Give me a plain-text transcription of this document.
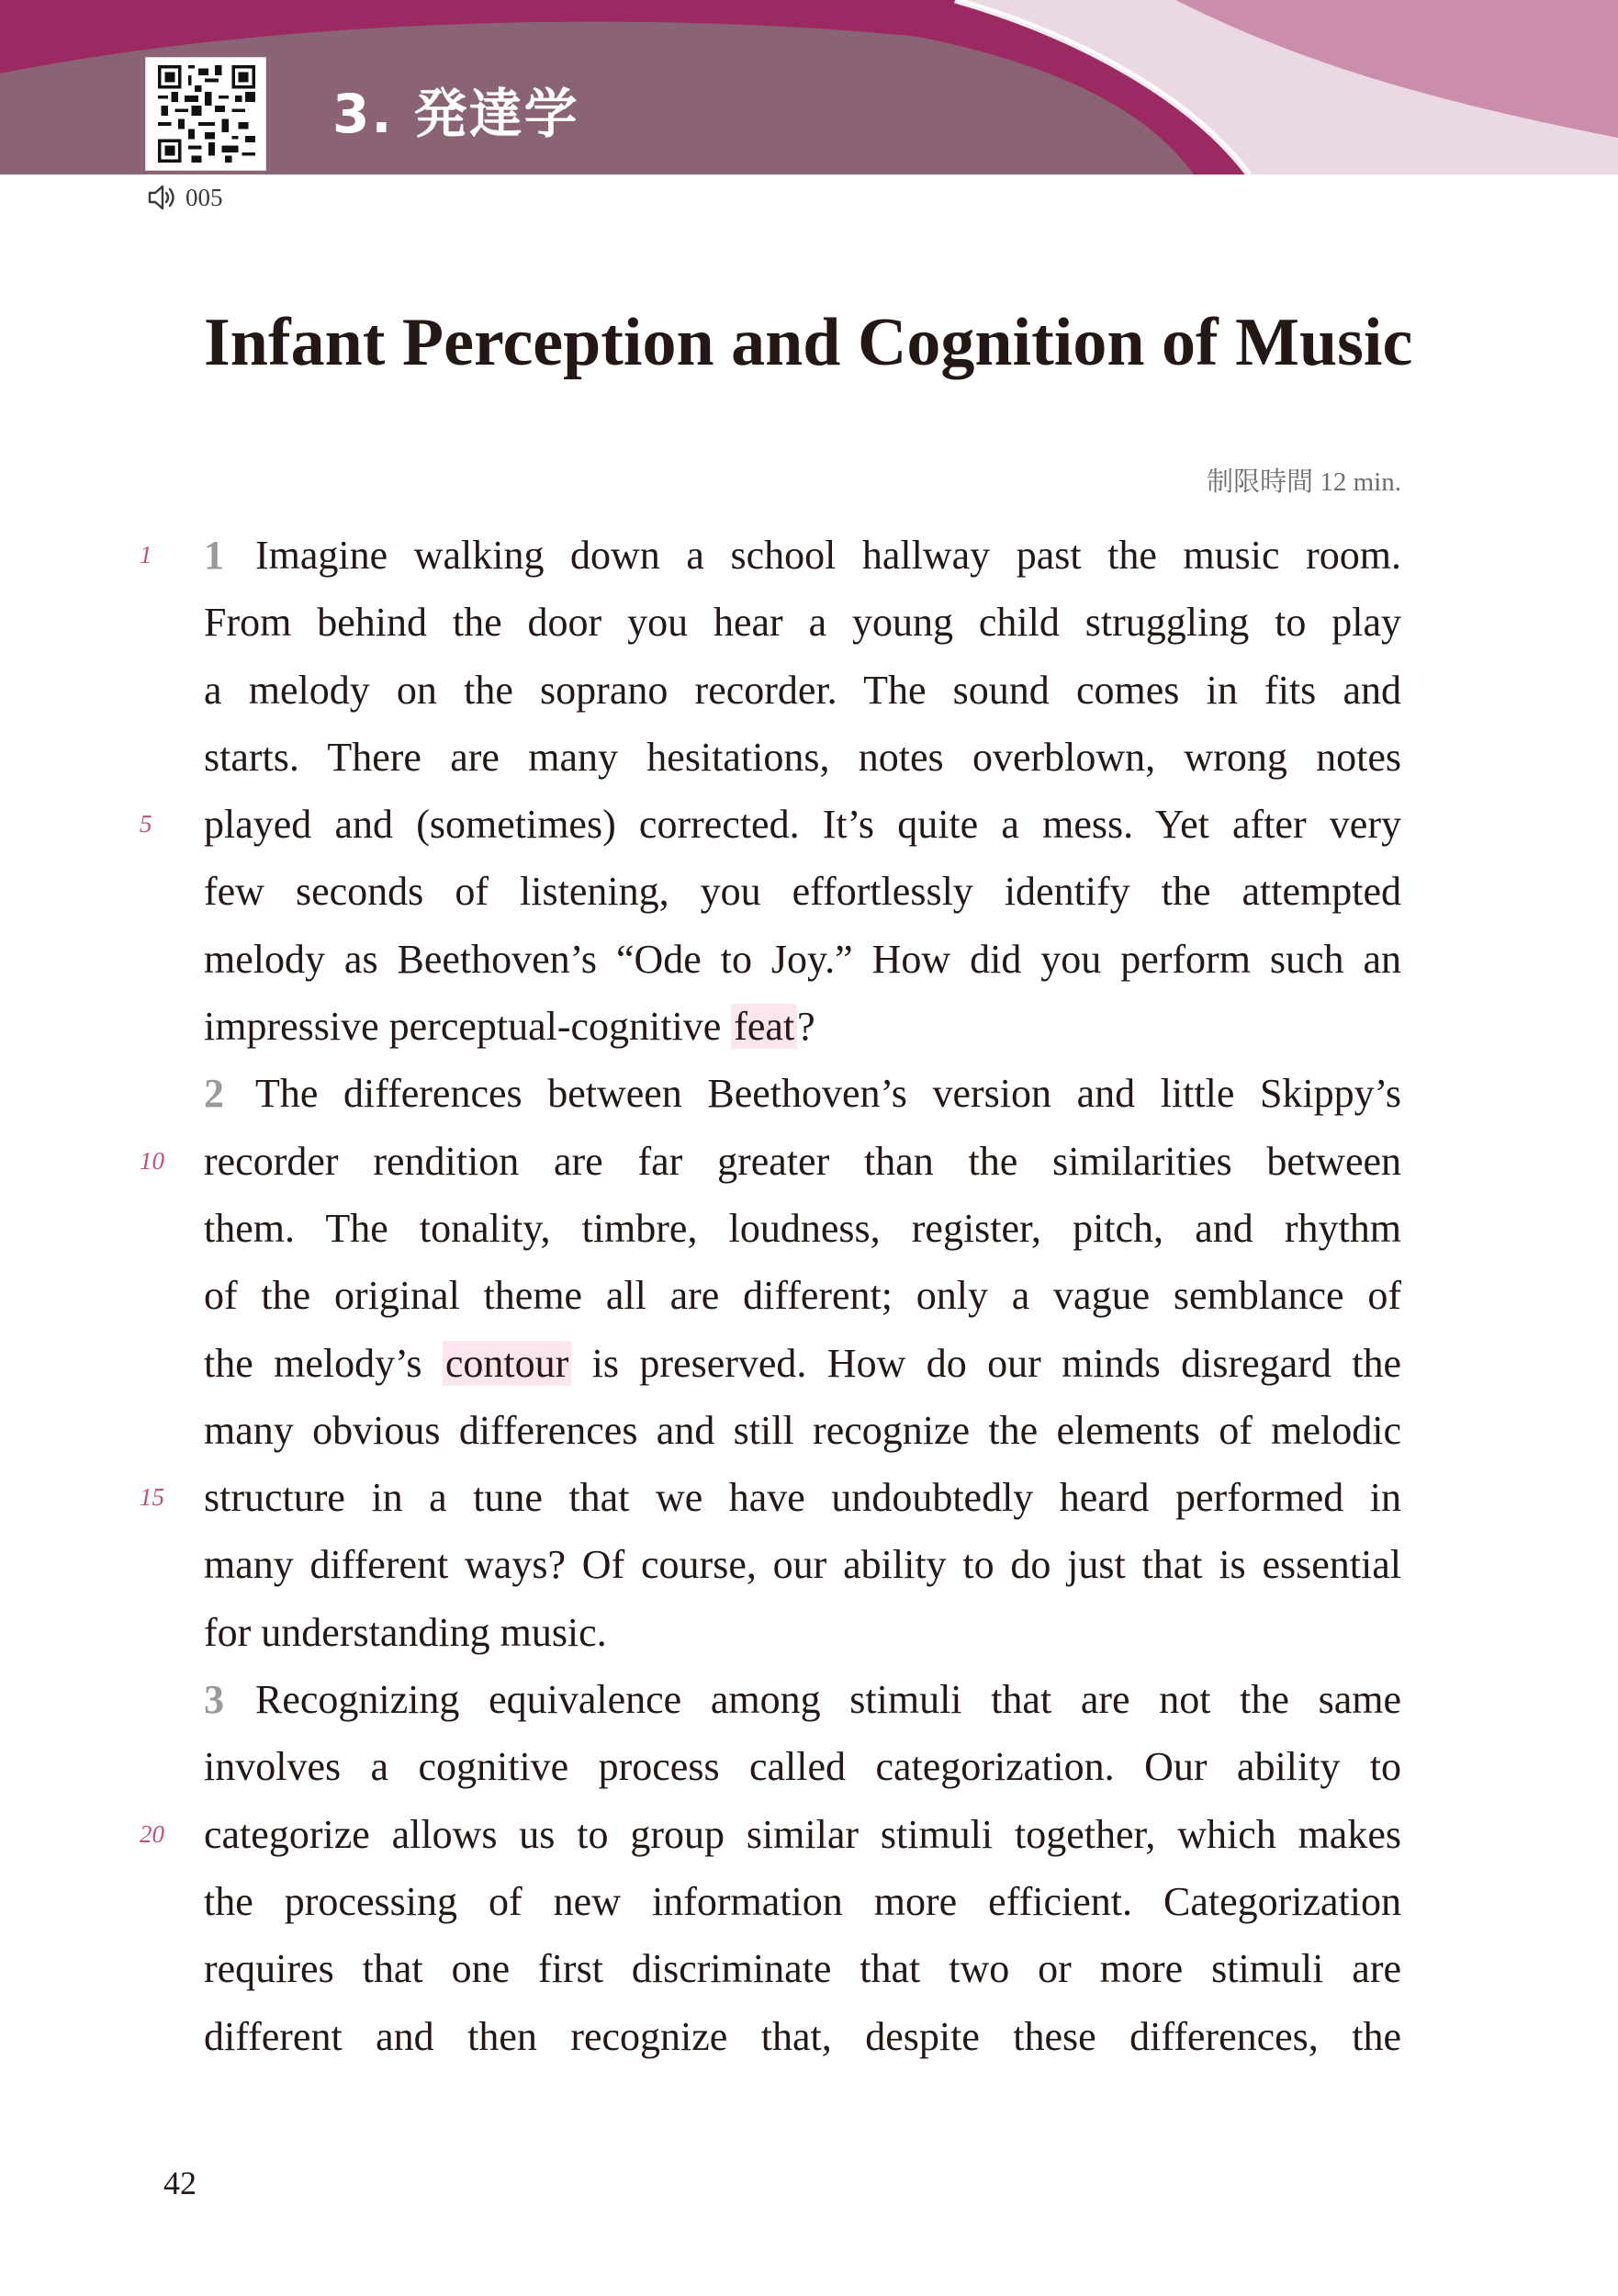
3. 発達学
005
Infant Perception and Cognition of Music
制限時間 12 min.
1	1 Imagine walking down a school hallway past the music room.
From behind the door you hear a young child struggling to play
a melody on the soprano recorder. The sound comes in fits and
starts. There are many hesitations, notes overblown, wrong notes
5	played and (sometimes) corrected. It’s quite a mess. Yet after very
few seconds of listening, you effortlessly identify the attempted
melody as Beethoven’s “Ode to Joy.” How did you perform such an
impressive perceptual-cognitive feat?
2 The differences between Beethoven’s version and little Skippy’s
10 recorder rendition are far greater than the similarities between
them. The tonality, timbre, loudness, register, pitch, and rhythm
of the original theme all are different; only a vague semblance of
the melody’s contour is preserved. How do our minds disregard the
many obvious differences and still recognize the elements of melodic
15 structure in a tune that we have undoubtedly heard performed in
many different ways? Of course, our ability to do just that is essential
for understanding music.
3 Recognizing equivalence among stimuli that are not the same
involves a cognitive process called categorization. Our ability to
20 categorize allows us to group similar stimuli together, which makes
the processing of new information more efficient. Categorization
requires that one first discriminate that two or more stimuli are
different and then recognize that, despite these differences, the
42
